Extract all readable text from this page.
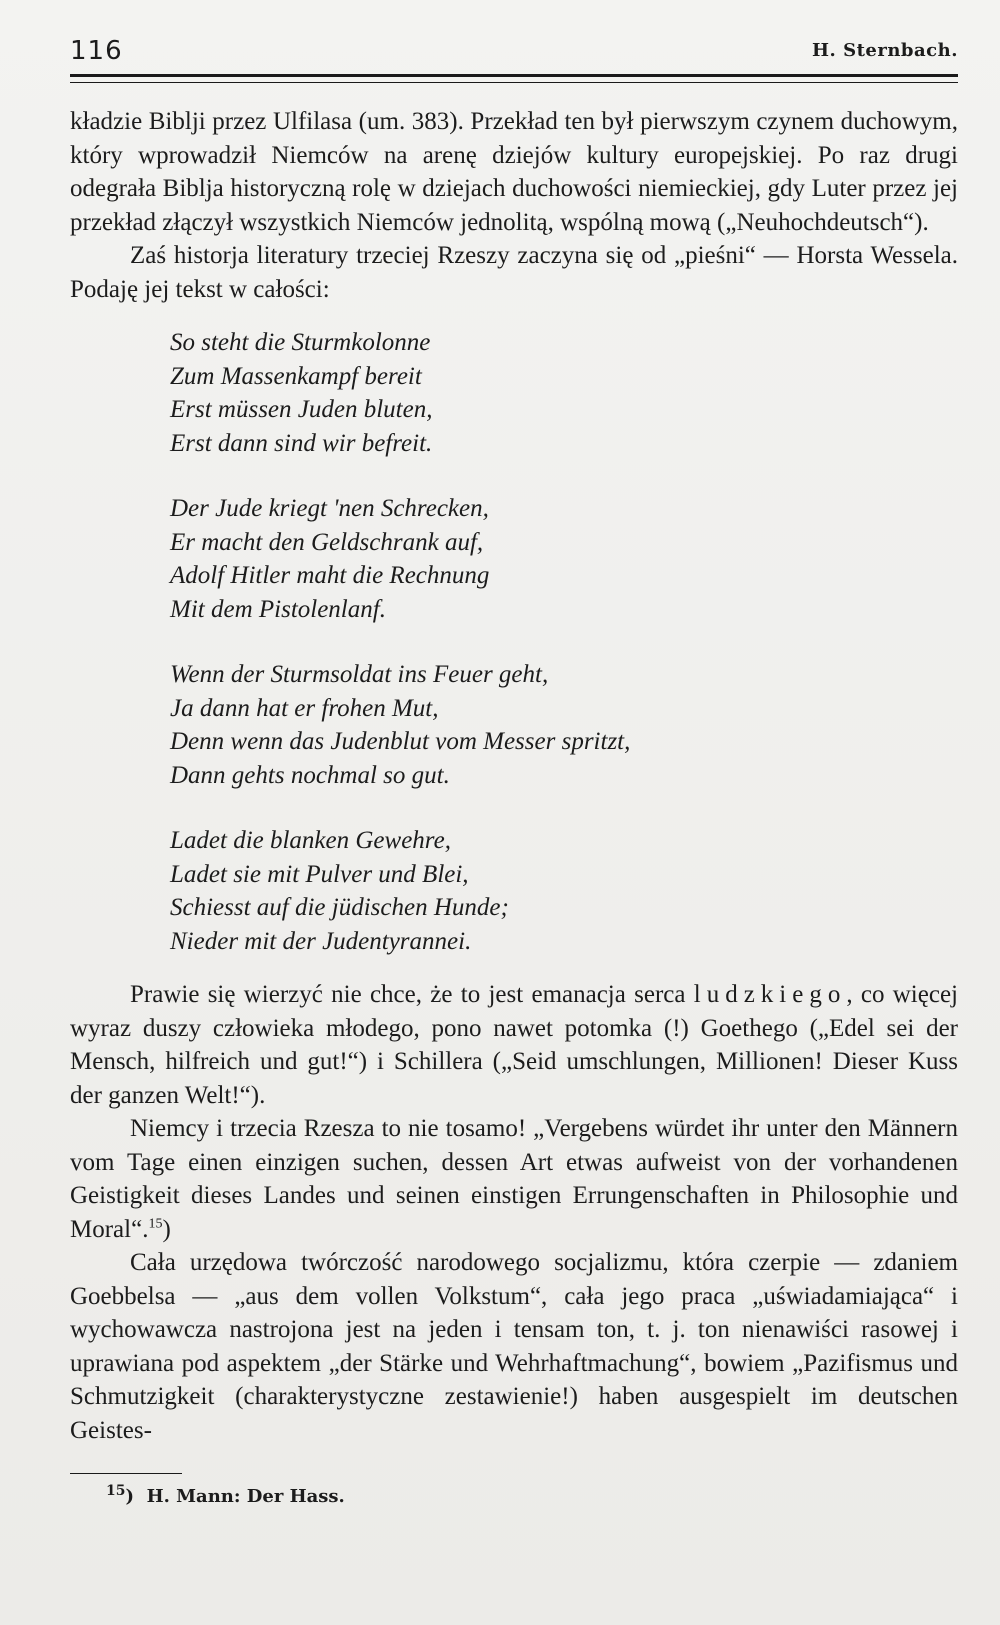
116	H. Sternbach.

kładzie Biblji przez Ulfilasa (um. 383). Przekład ten był pierwszym czynem duchowym, który wprowadził Niemców na arenę dziejów kultury europejskiej. Po raz drugi odegrała Biblja historyczną rolę w dziejach duchowości niemieckiej, gdy Luter przez jej przekład złączył wszystkich Niemców jednolitą, wspólną mową („Neuhochdeutsch“).

Zaś historja literatury trzeciej Rzeszy zaczyna się od „pieśni“ — Horsta Wessela. Podaję jej tekst w całości:

So steht die Sturmkolonne
Zum Massenkampf bereit
Erst müssen Juden bluten,
Erst dann sind wir befreit.
Der Jude kriegt 'nen Schrecken,
Er macht den Geldschrank auf,
Adolf Hitler maht die Rechnung
Mit dem Pistolenlanf.
Wenn der Sturmsoldat ins Feuer geht,
Ja dann hat er frohen Mut,
Denn wenn das Judenblut vom Messer spritzt,
Dann gehts nochmal so gut.
Ladet die blanken Gewehre,
Ladet sie mit Pulver und Blei,
Schiesst auf die jüdischen Hunde;
Nieder mit der Judentyrannei.

Prawie się wierzyć nie chce, że to jest emanacja serca ludzkiego, co więcej wyraz duszy człowieka młodego, pono nawet potomka (!) Goethego („Edel sei der Mensch, hilfreich und gut!“) i Schillera („Seid umschlungen, Millionen! Dieser Kuss der ganzen Welt!“).

Niemcy i trzecia Rzesza to nie tosamo! „Vergebens würdet ihr unter den Männern vom Tage einen einzigen suchen, dessen Art etwas aufweist von der vorhandenen Geistigkeit dieses Landes und seinen einstigen Errungenschaften in Philosophie und Moral“.$^{15}$)

Cała urzędowa twórczość narodowego socjalizmu, która czerpie — zdaniem Goebbelsa — „aus dem vollen Volkstum“, cała jego praca „uświadamiająca“ i wychowawcza nastrojona jest na jeden i tensam ton, t. j. ton nienawiści rasowej i uprawiana pod aspektem „der Stärke und Wehrhaftmachung“, bowiem „Pazifismus und Schmutzigkeit (charakterystyczne zestawienie!) haben ausgespielt im deutschen Geistes-

$^{15}$) H. Mann: Der Hass.
